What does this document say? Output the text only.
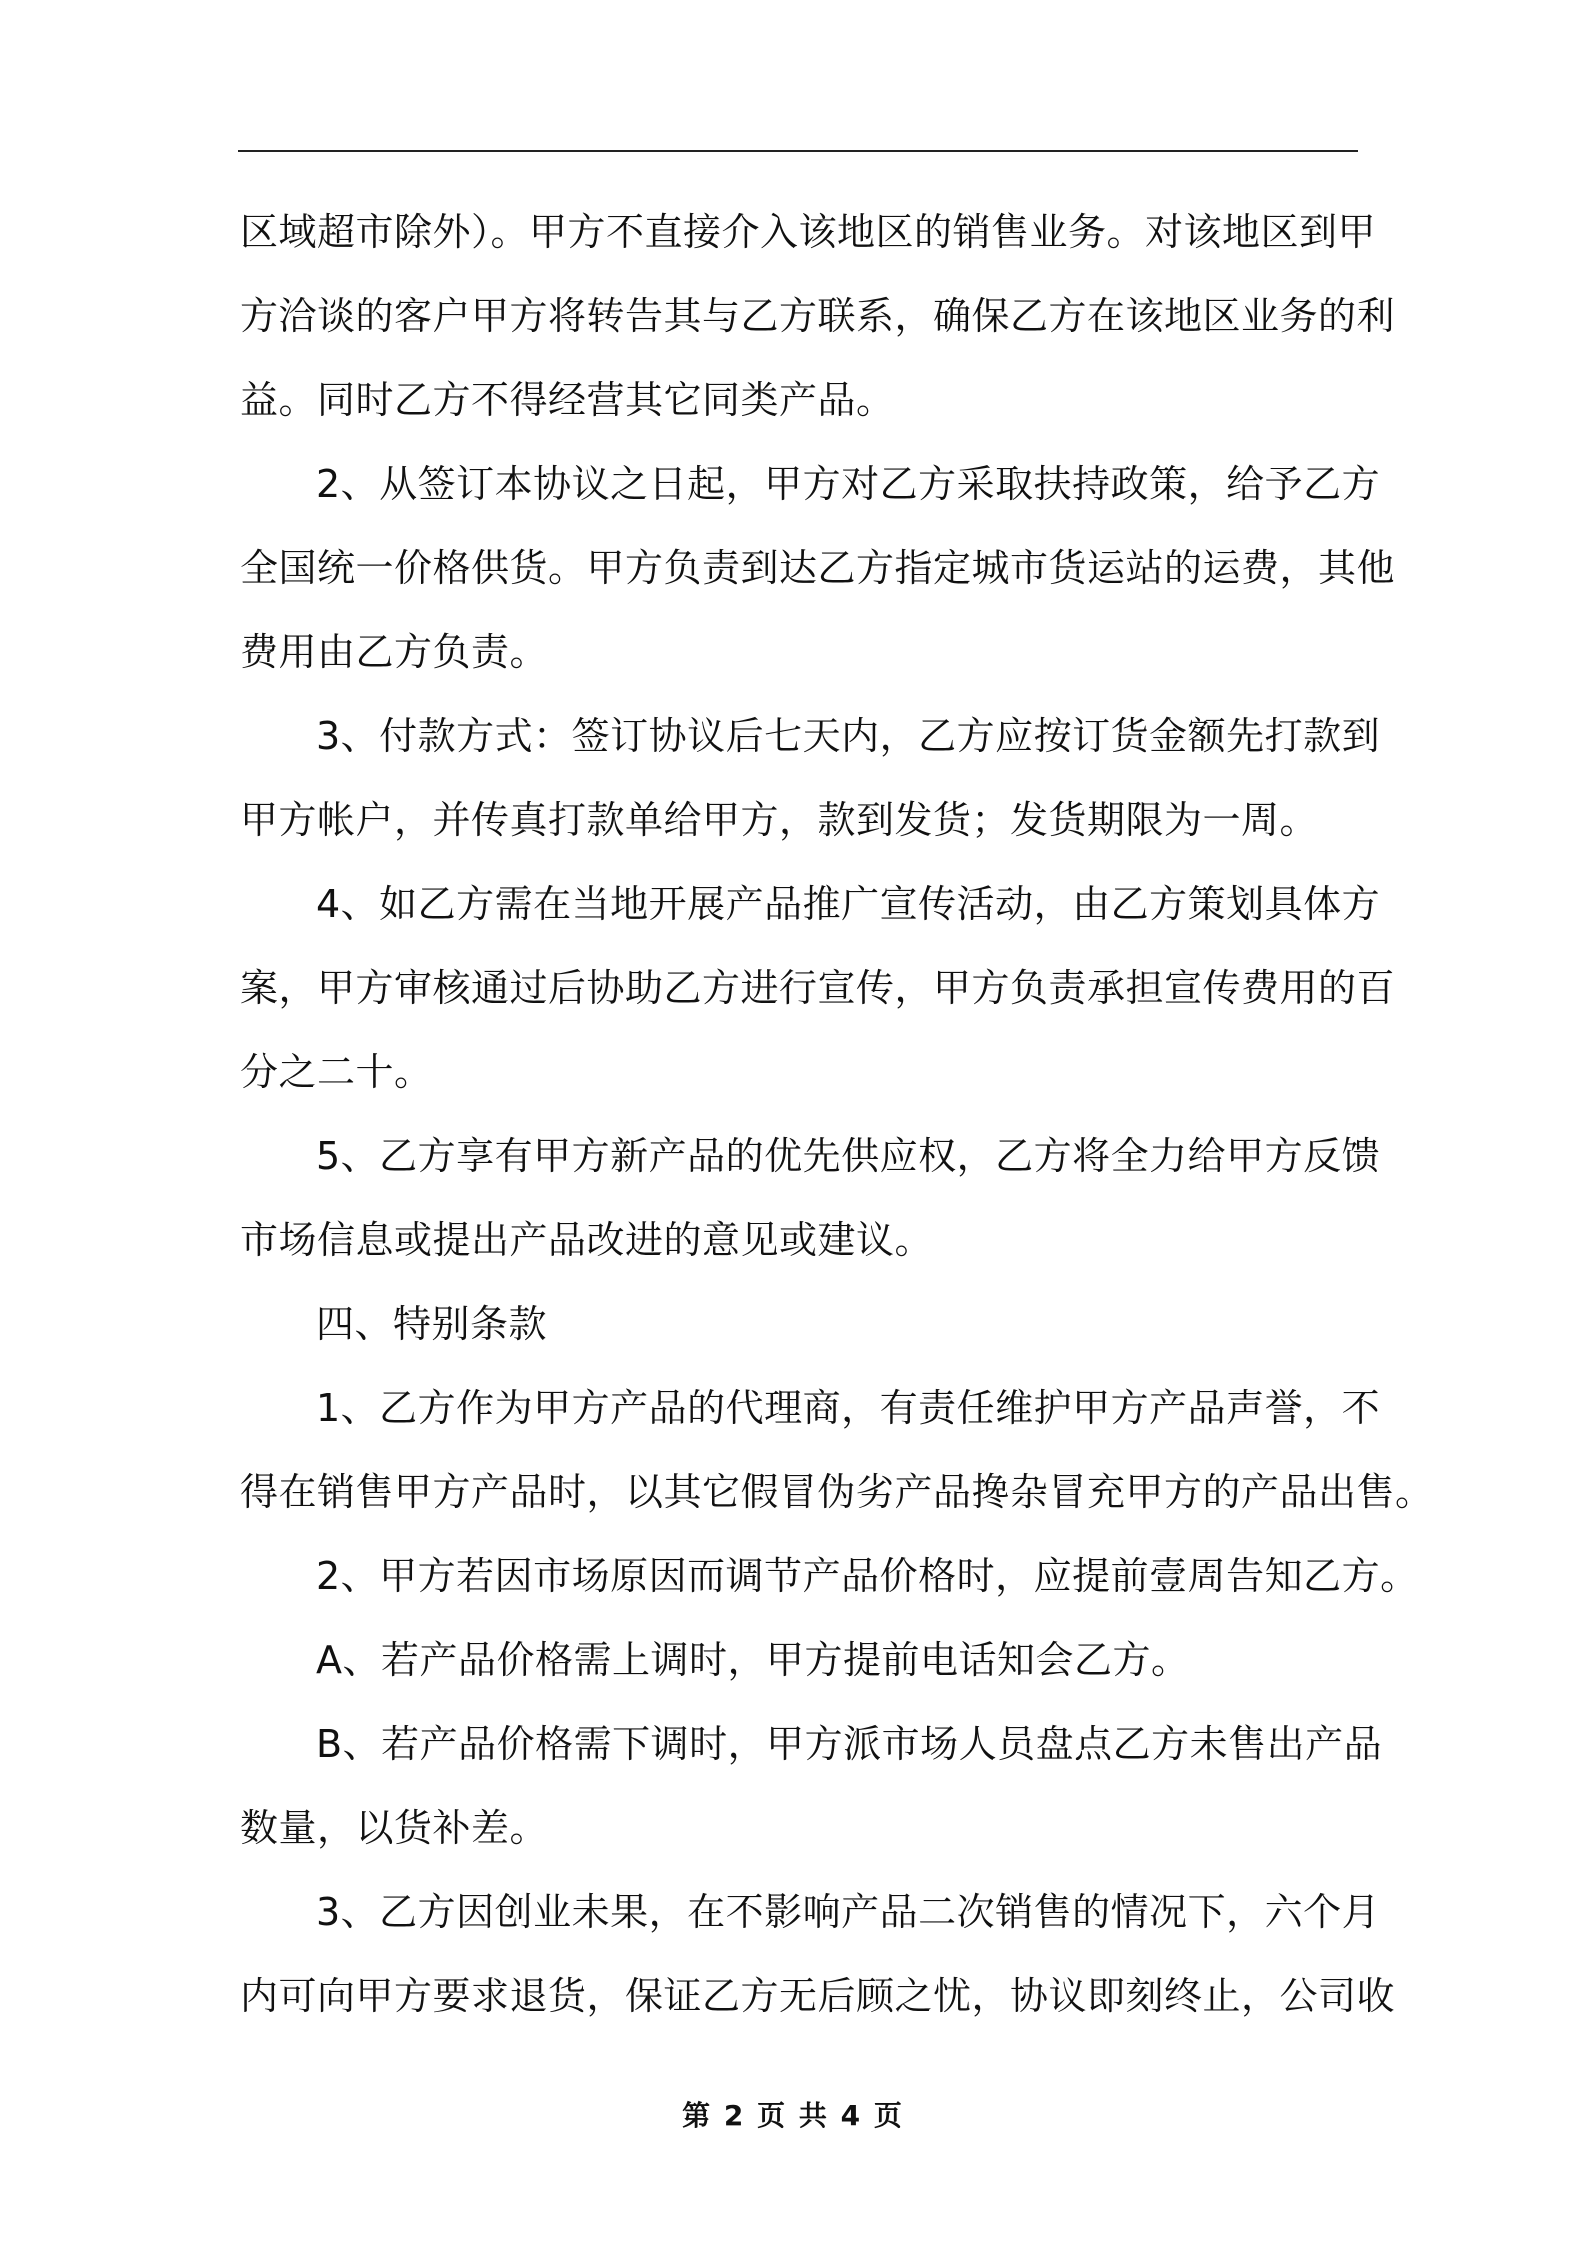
区域超市除外）。甲方不直接介入该地区的销售业务。对该地区到甲
方洽谈的客户甲方将转告其与乙方联系，确保乙方在该地区业务的利
益。同时乙方不得经营其它同类产品。
2、从签订本协议之日起，甲方对乙方采取扶持政策，给予乙方
全国统一价格供货。甲方负责到达乙方指定城市货运站的运费，其他
费用由乙方负责。
3、付款方式：签订协议后七天内，乙方应按订货金额先打款到
甲方帐户，并传真打款单给甲方，款到发货；发货期限为一周。
4、如乙方需在当地开展产品推广宣传活动，由乙方策划具体方
案，甲方审核通过后协助乙方进行宣传，甲方负责承担宣传费用的百
分之二十。
5、乙方享有甲方新产品的优先供应权，乙方将全力给甲方反馈
市场信息或提出产品改进的意见或建议。
四、特别条款
1、乙方作为甲方产品的代理商，有责任维护甲方产品声誉，不
得在销售甲方产品时，以其它假冒伪劣产品搀杂冒充甲方的产品出售。
2、甲方若因市场原因而调节产品价格时，应提前壹周告知乙方。
A、若产品价格需上调时，甲方提前电话知会乙方。
B、若产品价格需下调时，甲方派市场人员盘点乙方未售出产品
数量，以货补差。
3、乙方因创业未果，在不影响产品二次销售的情况下，六个月
内可向甲方要求退货，保证乙方无后顾之忧，协议即刻终止，公司收
第 2 页 共 4 页
